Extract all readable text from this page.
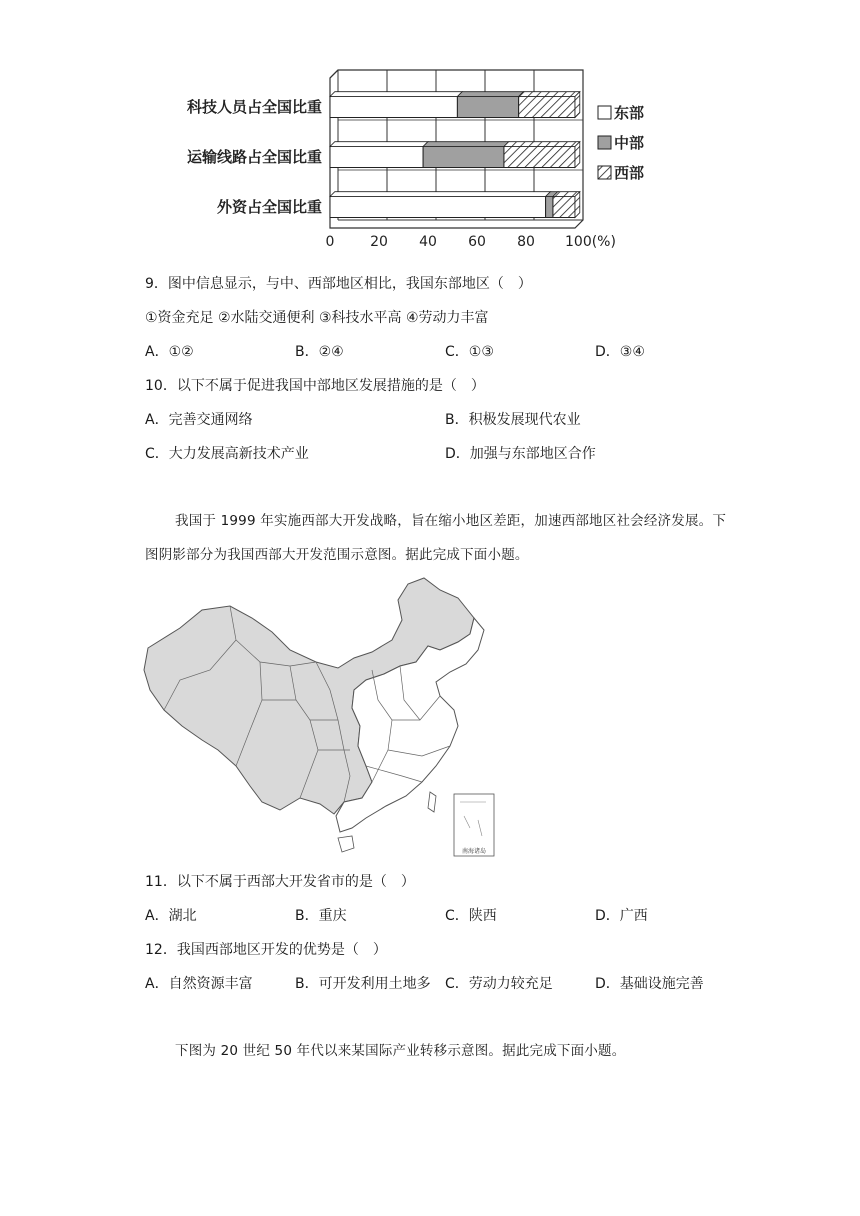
0	20 40 60 80 100(%)
科技人员占全国比重
运输线路占全国比重
外资占全国比重
东部
中部
西部
9．图中信息显示，与中、西部地区相比，我国东部地区（　）
①资金充足 ②水陆交通便利 ③科技水平高 ④劳动力丰富
A．①②	B．②④	C．①③	D．③④
10．以下不属于促进我国中部地区发展措施的是（　）
A．完善交通网络	B．积极发展现代农业
C．大力发展高新技术产业	D．加强与东部地区合作
我国于 1999 年实施西部大开发战略，旨在缩小地区差距，加速西部地区社会经济发展。下
图阴影部分为我国西部大开发范围示意图。据此完成下面小题。
南海诸岛
11．以下不属于西部大开发省市的是（　）
A．湖北	B．重庆	C．陕西	D．广西
12．我国西部地区开发的优势是（　）
A．自然资源丰富	B．可开发利用土地多 C．劳动力较充足	D．基础设施完善
下图为 20 世纪 50 年代以来某国际产业转移示意图。据此完成下面小题。
